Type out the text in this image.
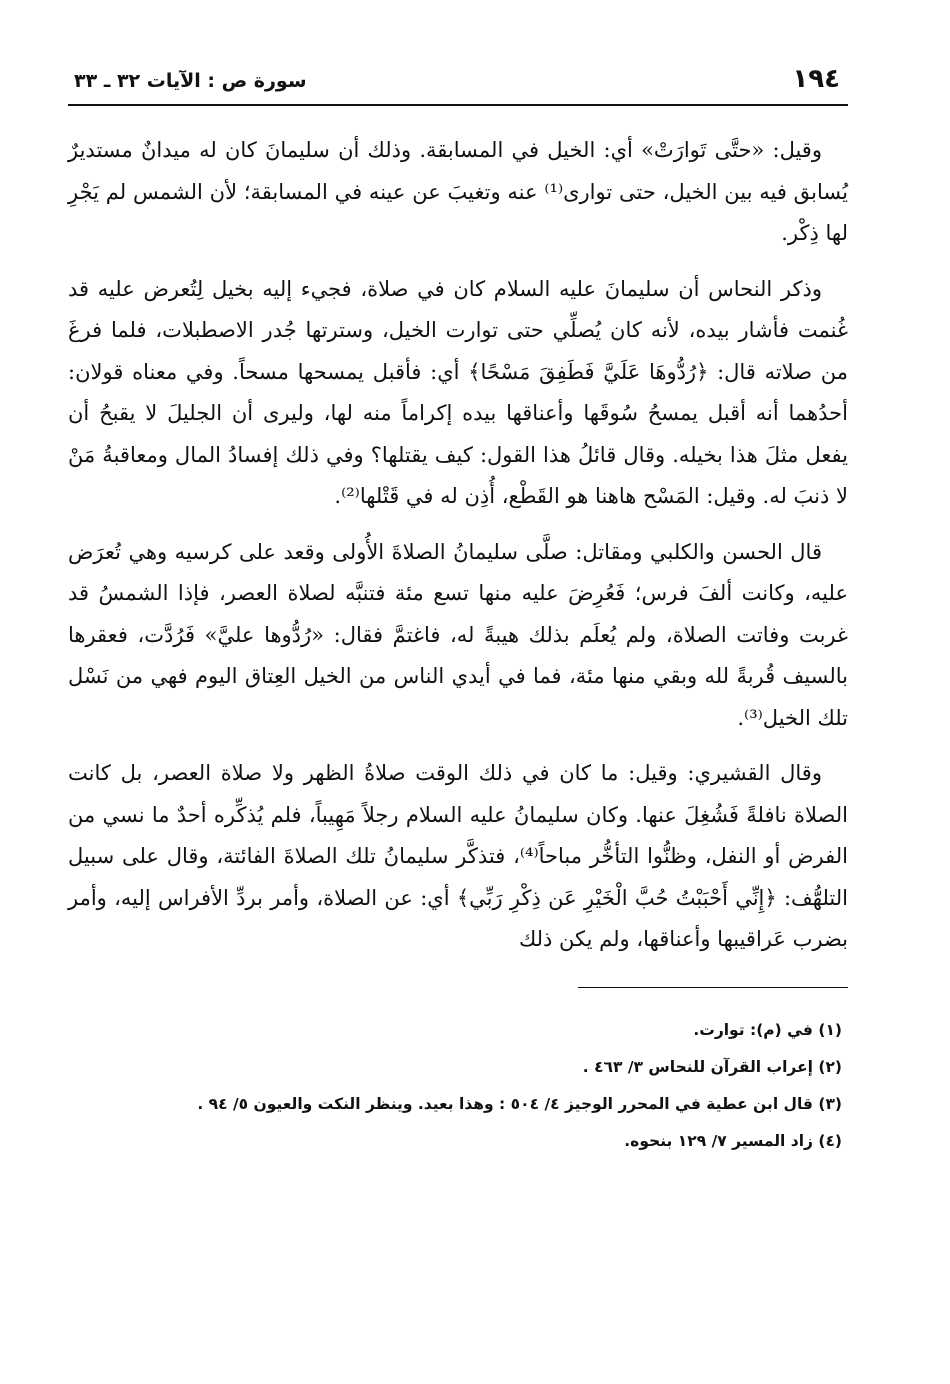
١٩٤
سورة ص : الآيات ٣٢ ـ ٣٣

وقيل: «حتَّى تَوارَتْ» أي: الخيل في المسابقة. وذلك أن سليمانَ كان له ميدانٌ مستديرٌ يُسابق فيه بين الخيل، حتى توارى⁽¹⁾ عنه وتغيبَ عن عينه في المسابقة؛ لأن الشمس لم يَجْرِ لها ذِكْر.

وذكر النحاس أن سليمانَ عليه السلام كان في صلاة، فجيء إليه بخيل لِتُعرض عليه قد غُنمت فأشار بيده، لأنه كان يُصلِّي حتى توارت الخيل، وسترتها جُدر الاصطبلات، فلما فرغَ من صلاته قال: ﴿رُدُّوهَا عَلَيَّ فَطَفِقَ مَسْحًا﴾ أي: فأقبل يمسحها مسحاً. وفي معناه قولان: أحدُهما أنه أقبل يمسحُ سُوقَها وأعناقها بيده إكراماً منه لها، وليرى أن الجليلَ لا يقبحُ أن يفعل مثلَ هذا بخيله. وقال قائلُ هذا القول: كيف يقتلها؟ وفي ذلك إفسادُ المال ومعاقبةُ مَنْ لا ذنبَ له. وقيل: المَسْح هاهنا هو القَطْع، أُذِن له في قَتْلها⁽²⁾.

قال الحسن والكلبي ومقاتل: صلَّى سليمانُ الصلاةَ الأُولى وقعد على كرسيه وهي تُعرَض عليه، وكانت ألفَ فرس؛ فَعُرِضَ عليه منها تسع مئة فتنبَّه لصلاة العصر، فإذا الشمسُ قد غربت وفاتت الصلاة، ولم يُعلَم بذلك هيبةً له، فاغتمَّ فقال: «رُدُّوها عليَّ» فَرُدَّت، فعقرها بالسيف قُربةً لله وبقي منها مئة، فما في أيدي الناس من الخيل العِتاق اليوم فهي من نَسْل تلك الخيل⁽³⁾.

وقال القشيري: وقيل: ما كان في ذلك الوقت صلاةُ الظهر ولا صلاة العصر، بل كانت الصلاة نافلةً فَشُغِلَ عنها. وكان سليمانُ عليه السلام رجلاً مَهِيباً، فلم يُذكِّره أحدٌ ما نسي من الفرض أو النفل، وظنُّوا التأخُّر مباحاً⁽⁴⁾، فتذكَّر سليمانُ تلك الصلاةَ الفائتة، وقال على سبيل التلهُّف: ﴿إِنِّي أَحْبَبْتُ حُبَّ الْخَيْرِ عَن ذِكْرِ رَبِّي﴾ أي: عن الصلاة، وأمر بردِّ الأفراس إليه، وأمر بضرب عَراقيبها وأعناقها، ولم يكن ذلك

(١) في (م): توارت.
(٢) إعراب القرآن للنحاس ٣/ ٤٦٣ .
(٣) قال ابن عطية في المحرر الوجيز ٤/ ٥٠٤ : وهذا بعيد. وينظر النكت والعيون ٥/ ٩٤ .
(٤) زاد المسير ٧/ ١٢٩ بنحوه.
